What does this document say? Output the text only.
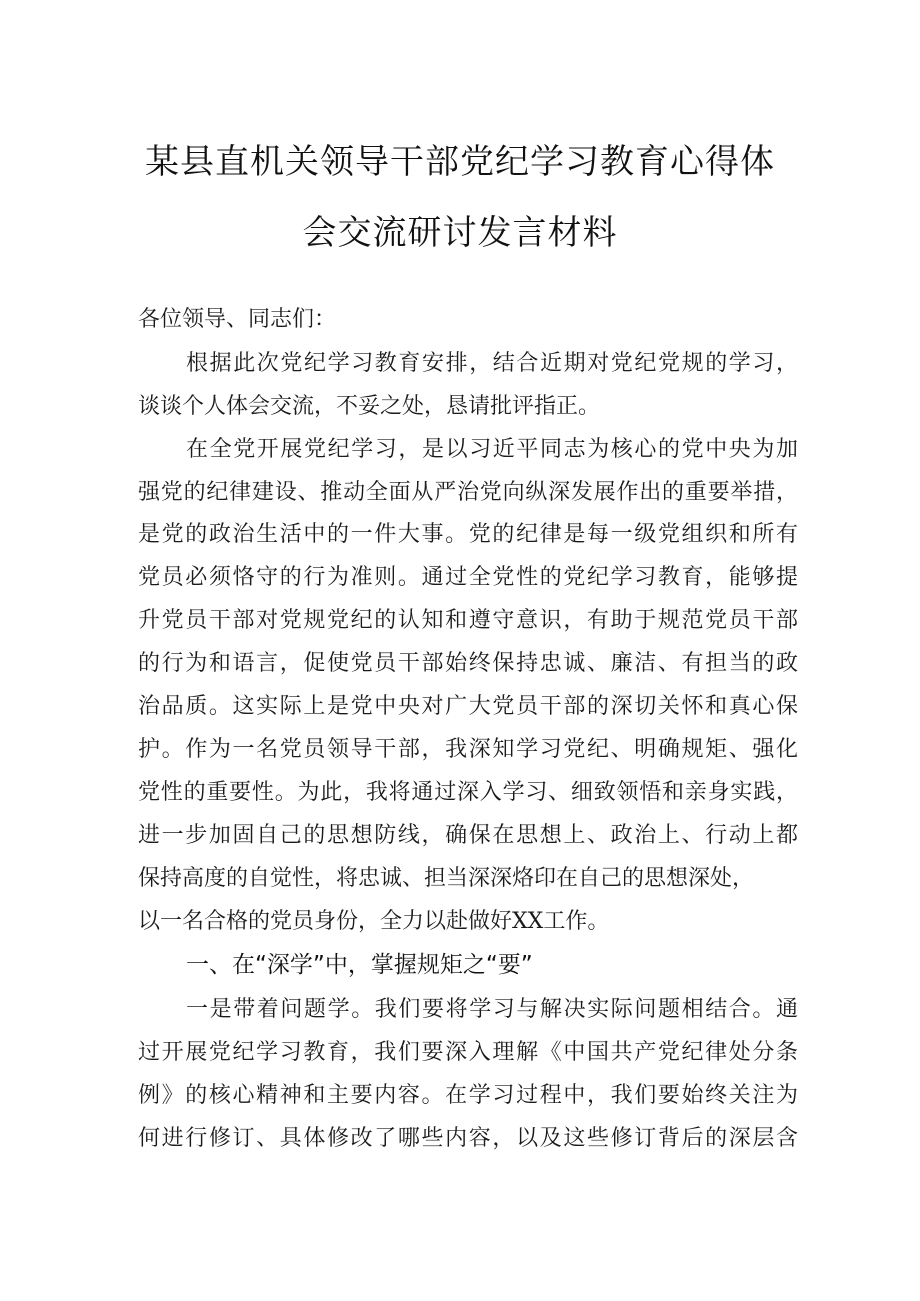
某县直机关领导干部党纪学习教育心得体
会交流研讨发言材料
各位领导、同志们：
根据此次党纪学习教育安排，结合近期对党纪党规的学习，
谈谈个人体会交流，不妥之处，恳请批评指正。
在全党开展党纪学习，是以习近平同志为核心的党中央为加
强党的纪律建设、推动全面从严治党向纵深发展作出的重要举措，
是党的政治生活中的一件大事。党的纪律是每一级党组织和所有
党员必须恪守的行为准则。通过全党性的党纪学习教育，能够提
升党员干部对党规党纪的认知和遵守意识，有助于规范党员干部
的行为和语言，促使党员干部始终保持忠诚、廉洁、有担当的政
治品质。这实际上是党中央对广大党员干部的深切关怀和真心保
护。作为一名党员领导干部，我深知学习党纪、明确规矩、强化
党性的重要性。为此，我将通过深入学习、细致领悟和亲身实践，
进一步加固自己的思想防线，确保在思想上、政治上、行动上都
保持高度的自觉性，将忠诚、担当深深烙印在自己的思想深处，
以一名合格的党员身份，全力以赴做好XX工作。
一、在“深学”中，掌握规矩之“要”
一是带着问题学。我们要将学习与解决实际问题相结合。通
过开展党纪学习教育，我们要深入理解《中国共产党纪律处分条
例》的核心精神和主要内容。在学习过程中，我们要始终关注为
何进行修订、具体修改了哪些内容，以及这些修订背后的深层含
